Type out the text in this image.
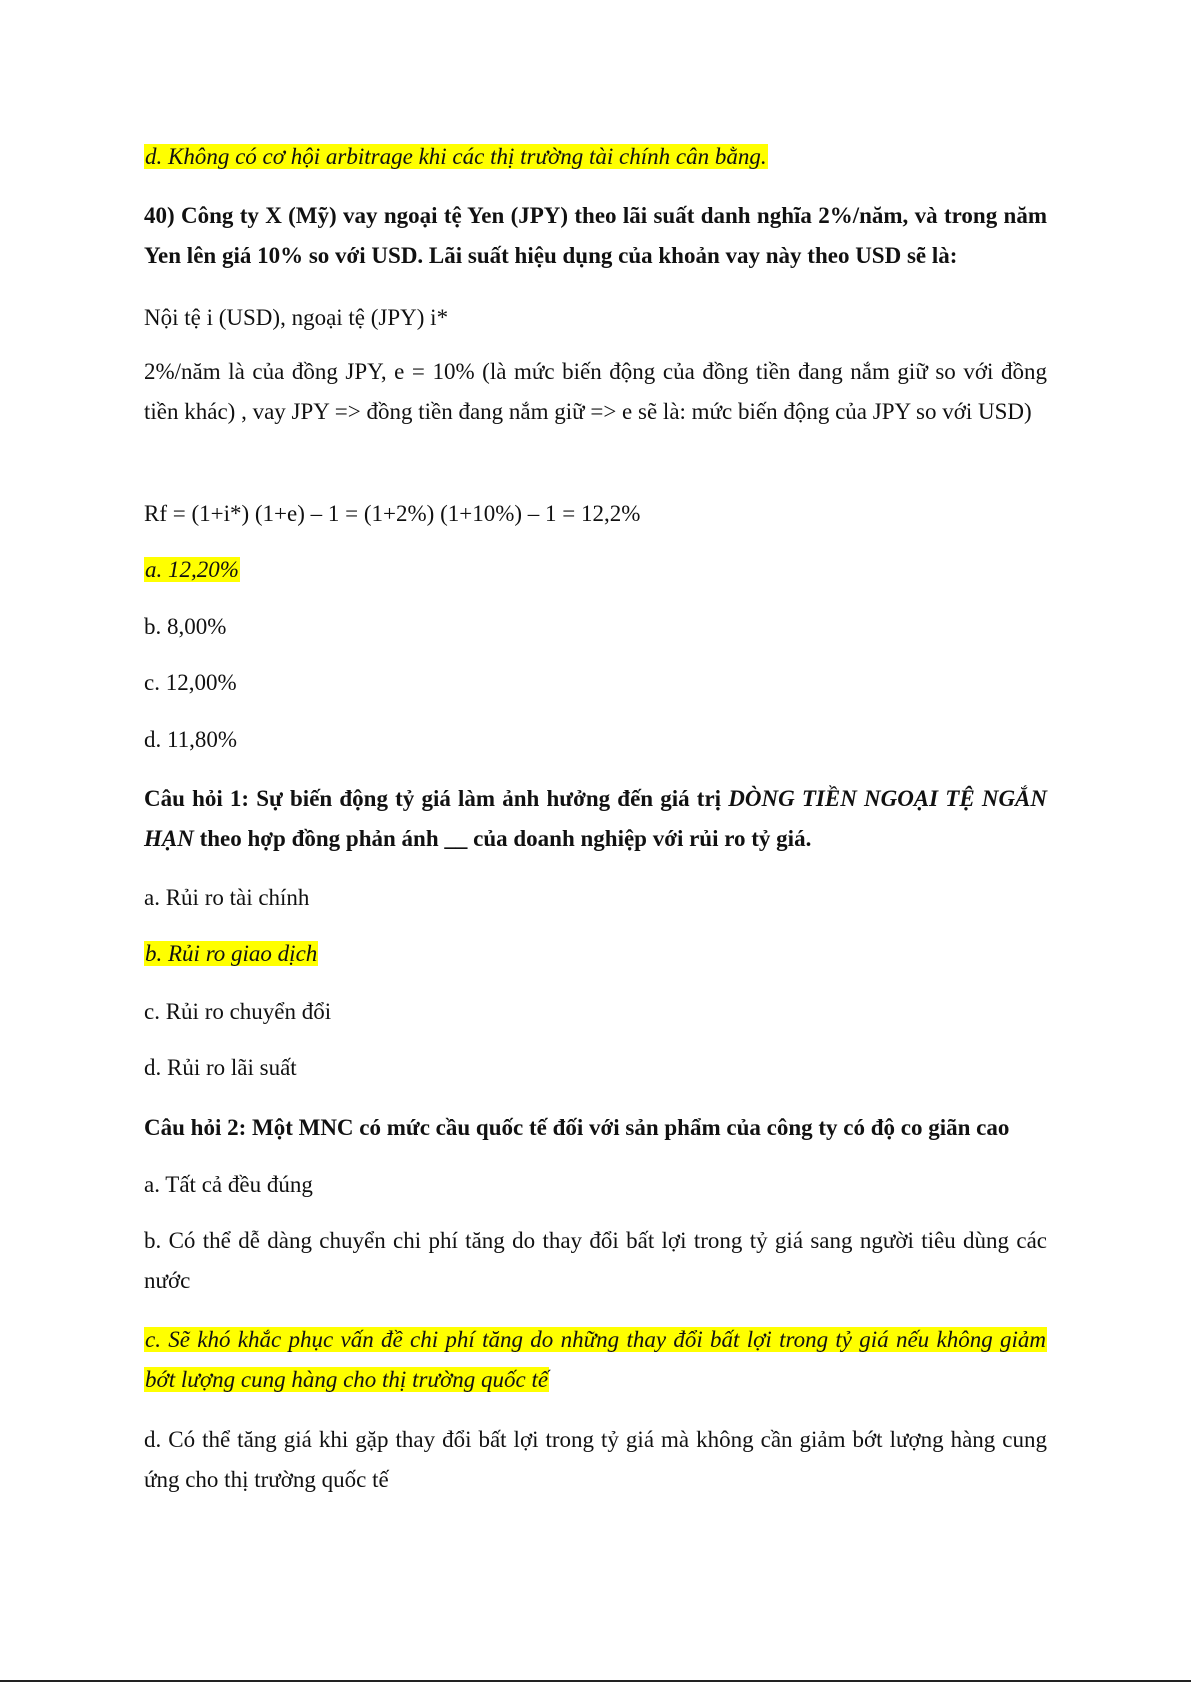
d. Không có cơ hội arbitrage khi các thị trường tài chính cân bằng.

40) Công ty X (Mỹ) vay ngoại tệ Yen (JPY) theo lãi suất danh nghĩa 2%/năm, và trong năm Yen lên giá 10% so với USD. Lãi suất hiệu dụng của khoản vay này theo USD sẽ là:

Nội tệ i (USD), ngoại tệ (JPY) i*

2%/năm là của đồng JPY, e = 10% (là mức biến động của đồng tiền đang nắm giữ so với đồng tiền khác) , vay JPY => đồng tiền đang nắm giữ => e sẽ là: mức biến động của JPY so với USD)

Rf = (1+i*) (1+e) – 1 = (1+2%) (1+10%) – 1 = 12,2%

a. 12,20%

b. 8,00%

c. 12,00%

d. 11,80%

Câu hỏi 1: Sự biến động tỷ giá làm ảnh hưởng đến giá trị DÒNG TIỀN NGOẠI TỆ NGẮN HẠN theo hợp đồng phản ánh __ của doanh nghiệp với rủi ro tỷ giá.

a. Rủi ro tài chính

b. Rủi ro giao dịch

c. Rủi ro chuyển đổi

d. Rủi ro lãi suất

Câu hỏi 2: Một MNC có mức cầu quốc tế đối với sản phẩm của công ty có độ co giãn cao

a. Tất cả đều đúng

b. Có thể dễ dàng chuyển chi phí tăng do thay đổi bất lợi trong tỷ giá sang người tiêu dùng các nước

c. Sẽ khó khắc phục vấn đề chi phí tăng do những thay đổi bất lợi trong tỷ giá nếu không giảm bớt lượng cung hàng cho thị trường quốc tế

d. Có thể tăng giá khi gặp thay đổi bất lợi trong tỷ giá mà không cần giảm bớt lượng hàng cung ứng cho thị trường quốc tế
